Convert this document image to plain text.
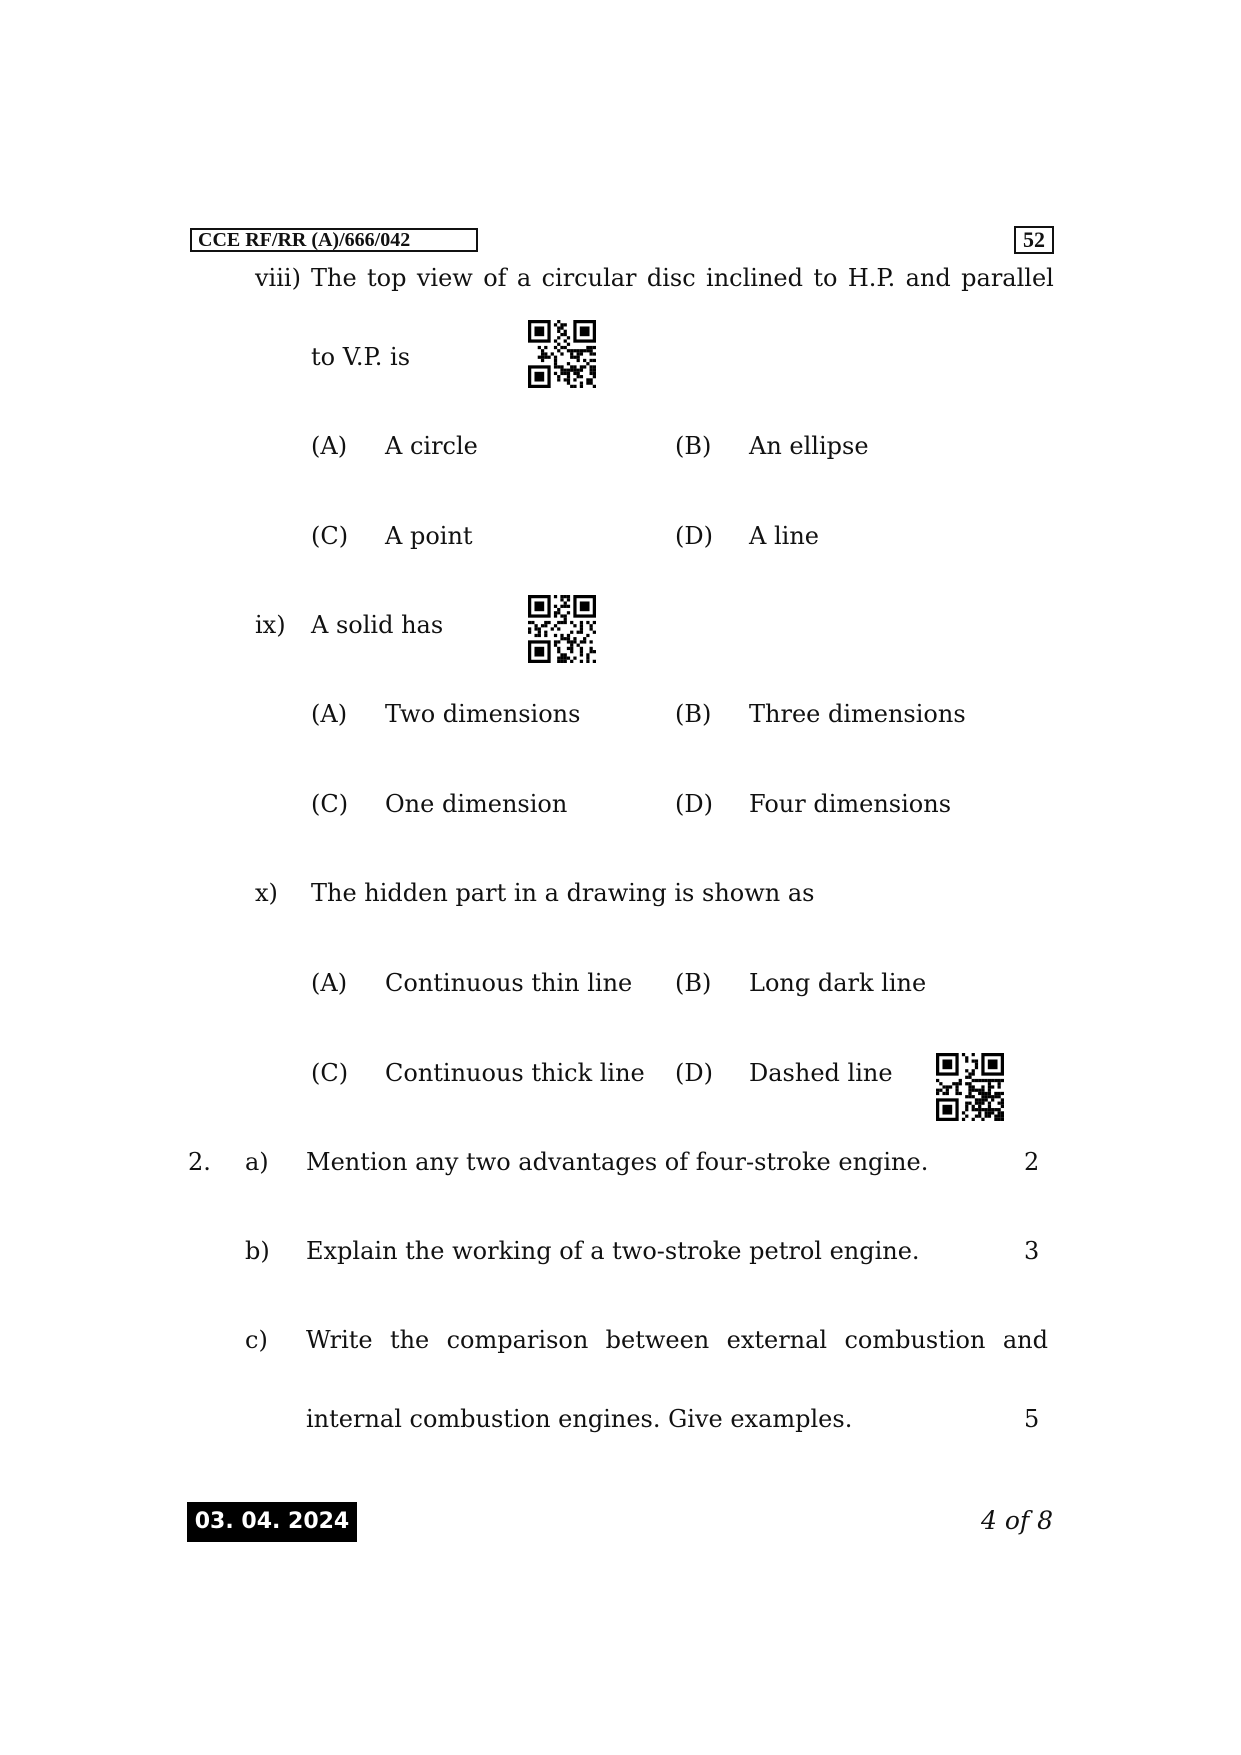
CCE RF/RR (A)/666/042	52
viii) The top view of a circular disc inclined to H.P. and parallel
to V.P. is
(A) A circle	(B) An ellipse
(C) A point	(D) A line
ix) A solid has
(A) Two dimensions	(B) Three dimensions
(C) One dimension	(D) Four dimensions
x) The hidden part in a drawing is shown as
(A) Continuous thin line (B) Long dark line
(C) Continuous thick line (D) Dashed line
2. a) Mention any two advantages of four-stroke engine.	2
b) Explain the working of a two-stroke petrol engine.	3
c) Write the comparison between external combustion and
internal combustion engines. Give examples.	5
03. 04. 2024	4 of 8
